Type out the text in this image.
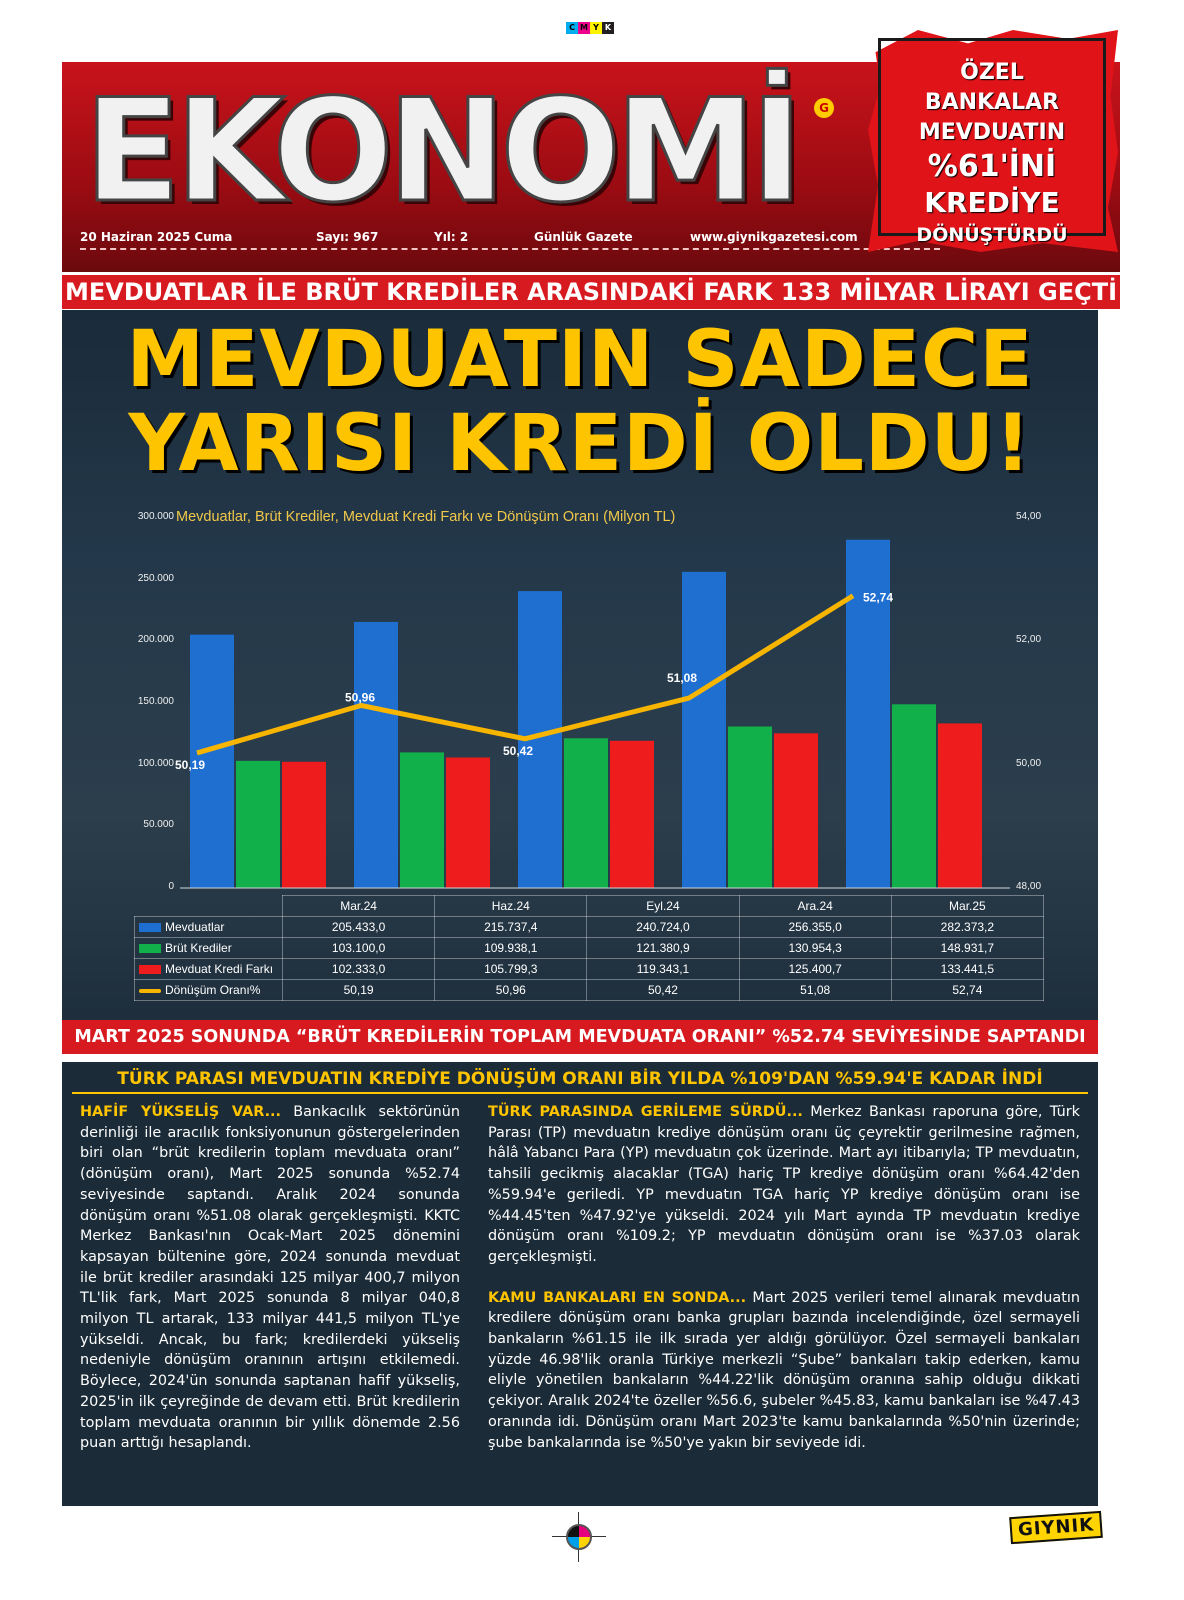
C M Y K
EKONOMİ	G
20 Haziran 2025 Cuma	Sayı: 967	Yıl: 2	Günlük Gazete	www.giynikgazetesi.com
ÖZEL
BANKALAR
MEVDUATIN
%61'İNİ
KREDİYE
DÖNÜŞTÜRDÜ
MEVDUATLAR İLE BRÜT KREDİLER ARASINDAKİ FARK 133 MİLYAR LİRAYI GEÇTİ
MEVDUATIN SADECE
YARISI KREDİ OLDU!
Mevduatlar, Brüt Krediler, Mevduat Kredi Farkı ve Dönüşüm Oranı (Milyon TL)
0
50.000
100.000
150.000
200.000
250.000
300.000
48,00
50,00
52,00
54,00
50,19
50,96
50,42
51,08
52,74
	Mar.24	Haz.24	Eyl.24	Ara.24	Mar.25
Mevduatlar	205.433,0	215.737,4	240.724,0	256.355,0	282.373,2
Brüt Krediler	103.100,0	109.938,1	121.380,9	130.954,3	148.931,7
Mevduat Kredi Farkı	102.333,0	105.799,3	119.343,1	125.400,7	133.441,5
Dönüşüm Oranı%	50,19	50,96	50,42	51,08	52,74
MART 2025 SONUNDA “BRÜT KREDİLERİN TOPLAM MEVDUATA ORANI” %52.74 SEVİYESİNDE SAPTANDI
TÜRK PARASI MEVDUATIN KREDİYE DÖNÜŞÜM ORANI BİR YILDA %109'DAN %59.94'E KADAR İNDİ

HAFİF YÜKSELİŞ VAR... Bankacılık sektörünün derinliği ile aracılık fonksiyonunun göstergelerinden biri olan “brüt kredilerin toplam mevduata oranı” (dönüşüm oranı), Mart 2025 sonunda %52.74 seviyesinde saptandı. Aralık 2024 sonunda dönüşüm oranı %51.08 olarak gerçekleşmişti. KKTC Merkez Bankası'nın Ocak-Mart 2025 dönemini kapsayan bültenine göre, 2024 sonunda mevduat ile brüt krediler arasındaki 125 milyar 400,7 milyon TL'lik fark, Mart 2025 sonunda 8 milyar 040,8 milyon TL artarak, 133 milyar 441,5 milyon TL'ye yükseldi. Ancak, bu fark; kredilerdeki yükseliş nedeniyle dönüşüm oranının artışını etkilemedi. Böylece, 2024'ün sonunda saptanan hafif yükseliş, 2025'in ilk çeyreğinde de devam etti. Brüt kredilerin toplam mevduata oranının bir yıllık dönemde 2.56 puan arttığı hesaplandı.

TÜRK PARASINDA GERİLEME SÜRDÜ... Merkez Bankası raporuna göre, Türk Parası (TP) mevduatın krediye dönüşüm oranı üç çeyrektir gerilmesine rağmen, hâlâ Yabancı Para (YP) mevduatın çok üzerinde. Mart ayı itibarıyla; TP mevduatın, tahsili gecikmiş alacaklar (TGA) hariç TP krediye dönüşüm oranı %64.42'den %59.94'e geriledi. YP mevduatın TGA hariç YP krediye dönüşüm oranı ise %44.45'ten %47.92'ye yükseldi. 2024 yılı Mart ayında TP mevduatın krediye dönüşüm oranı %109.2; YP mevduatın dönüşüm oranı ise %37.03 olarak gerçekleşmişti.

KAMU BANKALARI EN SONDA... Mart 2025 verileri temel alınarak mevduatın kredilere dönüşüm oranı banka grupları bazında incelendiğinde, özel sermayeli bankaların %61.15 ile ilk sırada yer aldığı görülüyor. Özel sermayeli bankaları yüzde 46.98'lik oranla Türkiye merkezli “Şube” bankaları takip ederken, kamu eliyle yönetilen bankaların %44.22'lik dönüşüm oranına sahip olduğu dikkati çekiyor. Aralık 2024'te özeller %56.6, şubeler %45.83, kamu bankaları ise %47.43 oranında idi. Dönüşüm oranı Mart 2023'te kamu bankalarında %50'nin üzerinde; şube bankalarında ise %50'ye yakın bir seviyede idi.

GIYNIK
